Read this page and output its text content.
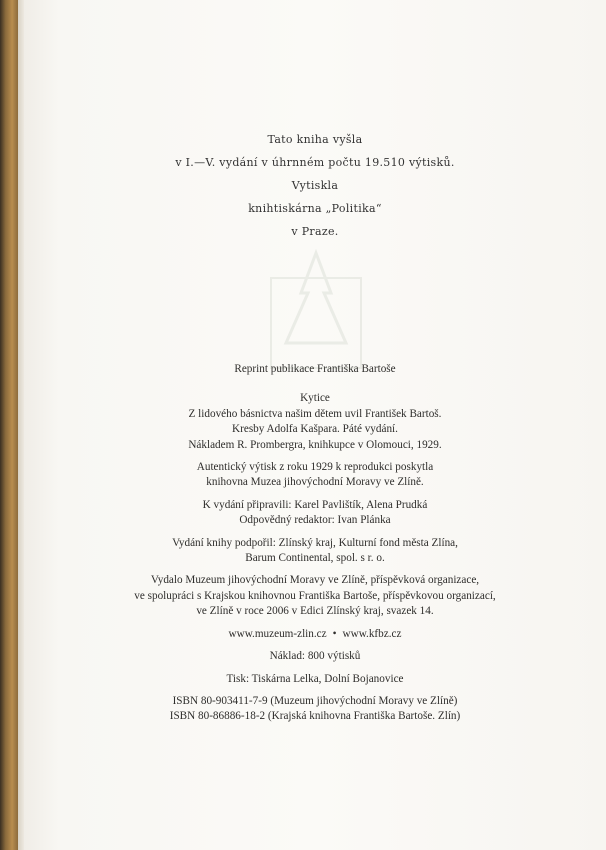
Tato kniha vyšla
v I.—V. vydání v úhrnném počtu 19.510 výtisků.
Vytiskla
knihtiskárna „Politika“
v Praze.
Reprint publikace Františka Bartoše
Kytice
Z lidového básnictva našim dětem uvil František Bartoš.
Kresby Adolfa Kašpara. Páté vydání.
Nákladem R. Prombergra, knihkupce v Olomouci, 1929.
Autentický výtisk z roku 1929 k reprodukci poskytla
knihovna Muzea jihovýchodní Moravy ve Zlíně.
K vydání připravili: Karel Pavlištík, Alena Prudká
Odpovědný redaktor: Ivan Plánka
Vydání knihy podpořil: Zlínský kraj, Kulturní fond města Zlína,
Barum Continental, spol. s r. o.
Vydalo Muzeum jihovýchodní Moravy ve Zlíně, příspěvková organizace,
ve spolupráci s Krajskou knihovnou Františka Bartoše, příspěvkovou organizací,
ve Zlíně v roce 2006 v Edici Zlínský kraj, svazek 14.
www.muzeum-zlin.cz • www.kfbz.cz
Náklad: 800 výtisků
Tisk: Tiskárna Lelka, Dolní Bojanovice
ISBN 80-903411-7-9 (Muzeum jihovýchodní Moravy ve Zlíně)
ISBN 80-86886-18-2 (Krajská knihovna Františka Bartoše. Zlín)
